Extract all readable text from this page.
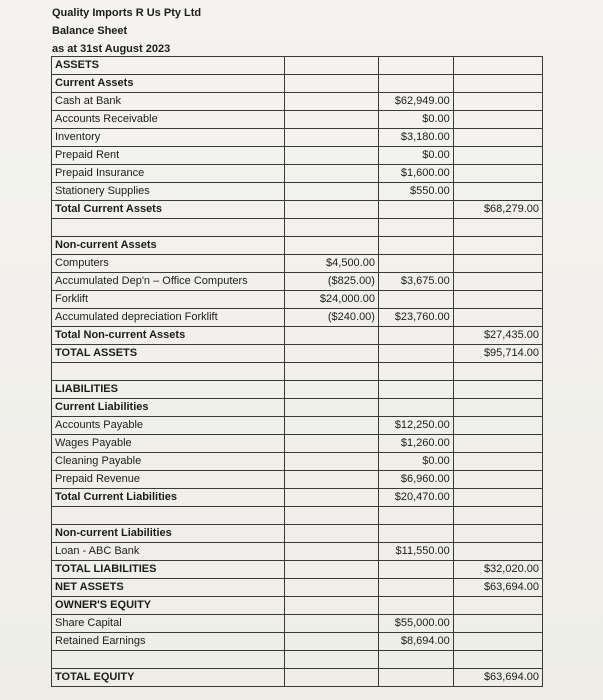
Quality Imports R Us Pty Ltd
Balance Sheet
as at 31st August 2023
ASSETS			
Current Assets			
Cash at Bank		$62,949.00	
Accounts Receivable		$0.00	
Inventory		$3,180.00	
Prepaid Rent		$0.00	
Prepaid Insurance		$1,600.00	
Stationery Supplies		$550.00	
Total Current Assets			$68,279.00

Non-current Assets			
Computers	$4,500.00		
Accumulated Dep'n – Office Computers	($825.00)	$3,675.00	
Forklift	$24,000.00		
Accumulated depreciation Forklift	($240.00)	$23,760.00	
Total Non-current Assets			$27,435.00
TOTAL ASSETS			$95,714.00

LIABILITIES			
Current Liabilities			
Accounts Payable		$12,250.00	
Wages Payable		$1,260.00	
Cleaning Payable		$0.00	
Prepaid Revenue		$6,960.00	
Total Current Liabilities		$20,470.00	

Non-current Liabilities			
Loan - ABC Bank		$11,550.00	
TOTAL LIABILITIES			$32,020.00
NET ASSETS			$63,694.00
OWNER'S EQUITY			
Share Capital		$55,000.00	
Retained Earnings		$8,694.00	

TOTAL EQUITY			$63,694.00
